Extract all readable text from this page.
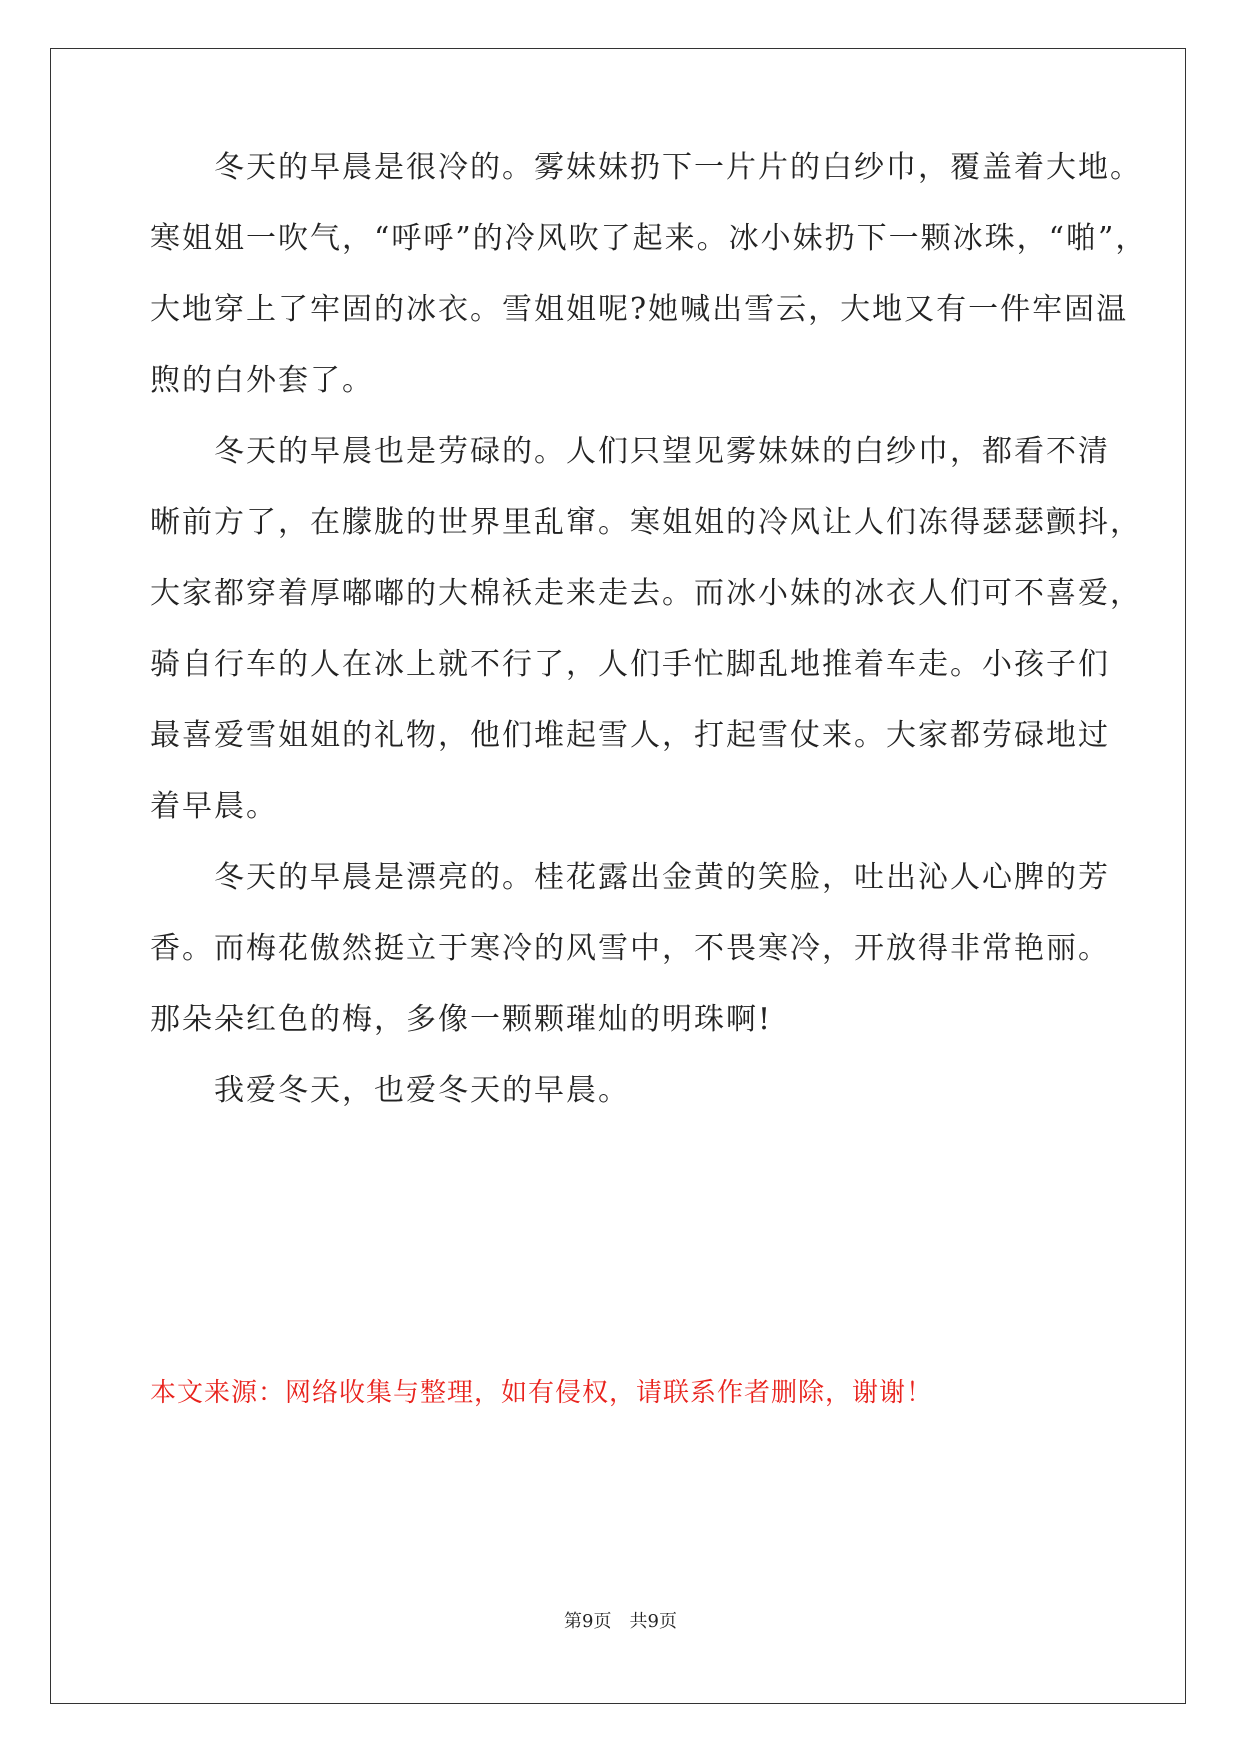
冬天的早晨是很冷的。雾妹妹扔下一片片的白纱巾，覆盖着大地。
寒姐姐一吹气，“呼呼”的冷风吹了起来。冰小妹扔下一颗冰珠，“啪”，
大地穿上了牢固的冰衣。雪姐姐呢?她喊出雪云，大地又有一件牢固温
煦的白外套了。
冬天的早晨也是劳碌的。人们只望见雾妹妹的白纱巾，都看不清
晰前方了，在朦胧的世界里乱窜。寒姐姐的冷风让人们冻得瑟瑟颤抖，
大家都穿着厚嘟嘟的大棉袄走来走去。而冰小妹的冰衣人们可不喜爱，
骑自行车的人在冰上就不行了，人们手忙脚乱地推着车走。小孩子们
最喜爱雪姐姐的礼物，他们堆起雪人，打起雪仗来。大家都劳碌地过
着早晨。
冬天的早晨是漂亮的。桂花露出金黄的笑脸，吐出沁人心脾的芳
香。而梅花傲然挺立于寒冷的风雪中，不畏寒冷，开放得非常艳丽。
那朵朵红色的梅，多像一颗颗璀灿的明珠啊!
我爱冬天，也爱冬天的早晨。
本文来源：网络收集与整理，如有侵权，请联系作者删除，谢谢！
第9页 共9页
